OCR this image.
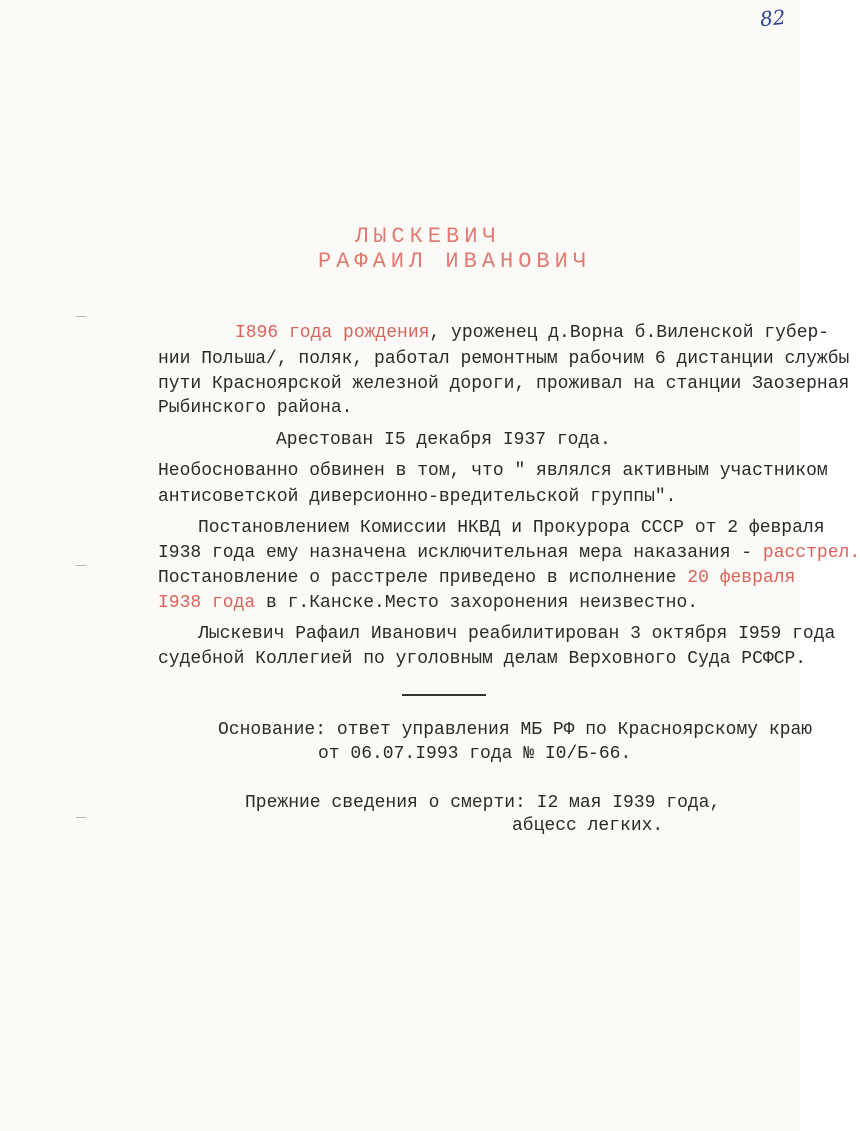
82
ЛЫСКЕВИЧ
РАФАИЛ ИВАНОВИЧ
I896 года рождения, уроженец д.Ворна б.Виленской губер-
нии Польша/, поляк, работал ремонтным рабочим 6 дистанции службы
пути Красноярской железной дороги, проживал на станции Заозерная
Рыбинского района.
Арестован I5 декабря I937 года.
Необоснованно обвинен в том, что " являлся активным участником
антисоветской диверсионно-вредительской группы".
Постановлением Комиссии НКВД и Прокурора СССР от 2 февраля
I938 года ему назначена исключительная мера наказания - расстрел.
Постановление о расстреле приведено в исполнение 20 февраля
I938 года в г.Канске.Место захоронения неизвестно.
Лыскевич Рафаил Иванович реабилитирован 3 октября I959 года
судебной Коллегией по уголовным делам Верховного Суда РСФСР.
Основание: ответ управления МБ РФ по Красноярскому краю
от 06.07.I993 года № I0/Б-66.
Прежние сведения о смерти: I2 мая I939 года,
абцесс легких.
